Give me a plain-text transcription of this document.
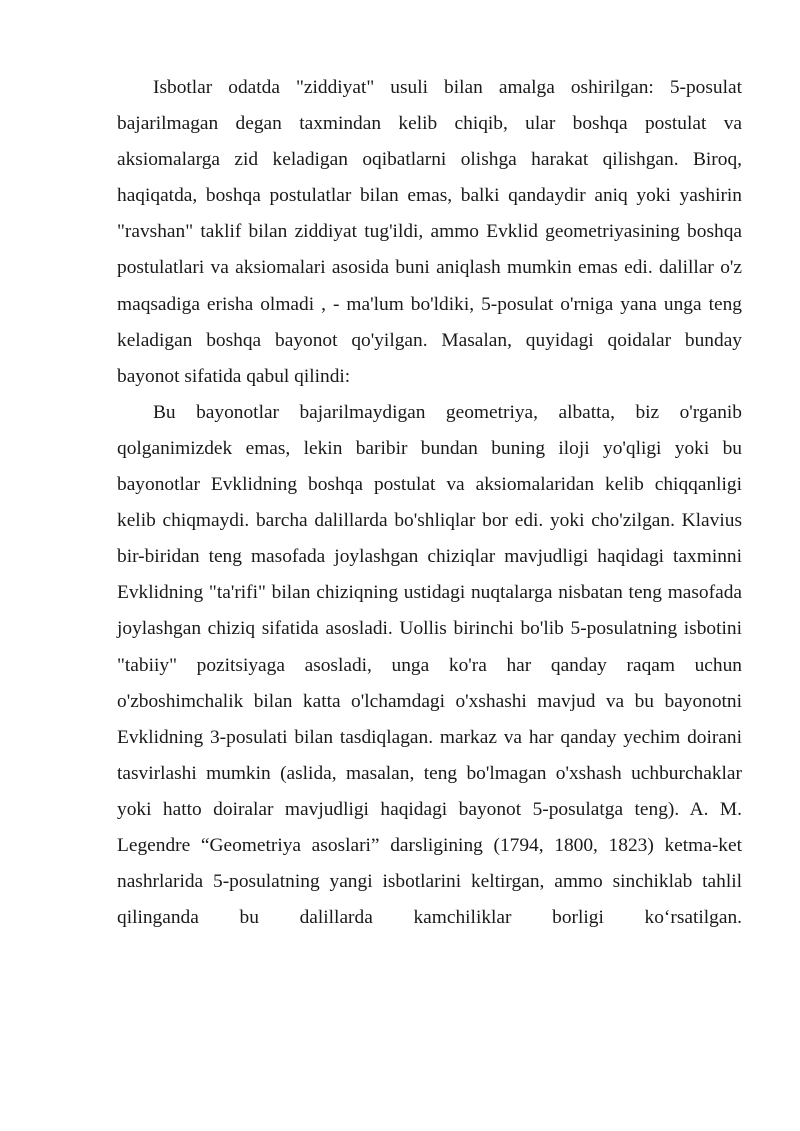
Isbotlar odatda "ziddiyat" usuli bilan amalga oshirilgan: 5-posulat bajarilmagan degan taxmindan kelib chiqib, ular boshqa postulat va aksiomalarga zid keladigan oqibatlarni olishga harakat qilishgan. Biroq, haqiqatda, boshqa postulatlar bilan emas, balki qandaydir aniq yoki yashirin "ravshan" taklif bilan ziddiyat tug'ildi, ammo Evklid geometriyasining boshqa postulatlari va aksiomalari asosida buni aniqlash mumkin emas edi. dalillar o'z maqsadiga erisha olmadi , - ma'lum bo'ldiki, 5-posulat o'rniga yana unga teng keladigan boshqa bayonot qo'yilgan. Masalan, quyidagi qoidalar bunday bayonot sifatida qabul qilindi:

Bu bayonotlar bajarilmaydigan geometriya, albatta, biz o'rganib qolganimizdek emas, lekin baribir bundan buning iloji yo'qligi yoki bu bayonotlar Evklidning boshqa postulat va aksiomalaridan kelib chiqqanligi kelib chiqmaydi. barcha dalillarda bo'shliqlar bor edi. yoki cho'zilgan. Klavius bir-biridan teng masofada joylashgan chiziqlar mavjudligi haqidagi taxminni Evklidning "ta'rifi" bilan chiziqning ustidagi nuqtalarga nisbatan teng masofada joylashgan chiziq sifatida asosladi. Uollis birinchi bo'lib 5-posulatning isbotini "tabiiy" pozitsiyaga asosladi, unga ko'ra har qanday raqam uchun o'zboshimchalik bilan katta o'lchamdagi o'xshashi mavjud va bu bayonotni Evklidning 3-posulati bilan tasdiqlagan. markaz va har qanday yechim doirani tasvirlashi mumkin (aslida, masalan, teng bo'lmagan o'xshash uchburchaklar yoki hatto doiralar mavjudligi haqidagi bayonot 5-posulatga teng). A. M. Legendre “Geometriya asoslari” darsligining (1794, 1800, 1823) ketma-ket nashrlarida 5-posulatning yangi isbotlarini keltirgan, ammo sinchiklab tahlil qilinganda bu dalillarda kamchiliklar borligi ko‘rsatilgan.
